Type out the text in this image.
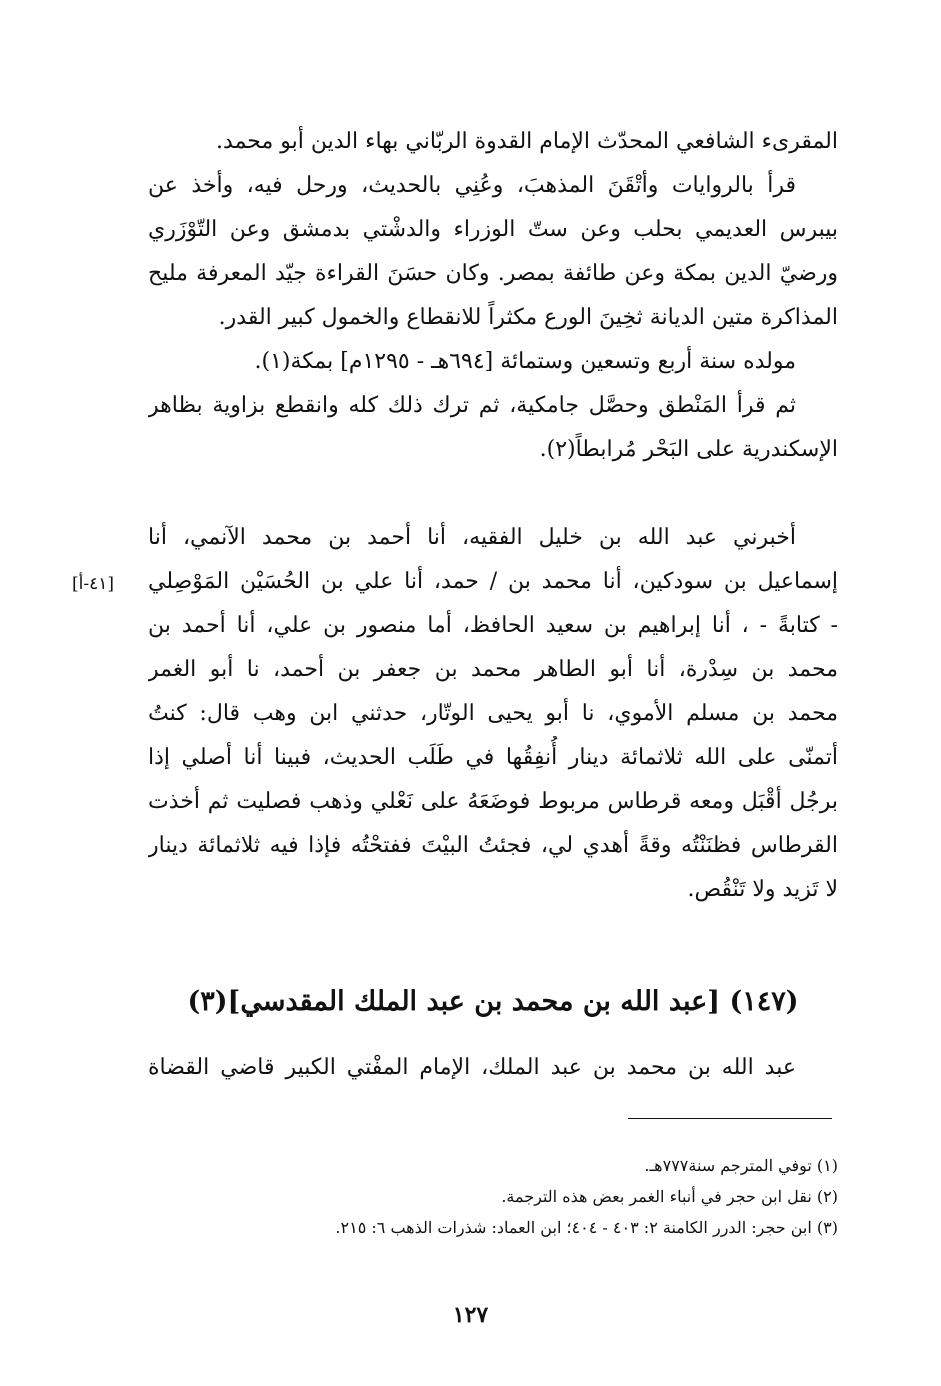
المقرىء الشافعي المحدّث الإمام القدوة الربّاني بهاء الدين أبو محمد.
قرأ بالروايات وأتْقَنَ المذهبَ، وعُنِي بالحديث، ورحل فيه، وأخذ عن
بيبرس العديمي بحلب وعن ستّ الوزراء والدشْتي بدمشق وعن التّوْزَري
ورضيّ الدين بمكة وعن طائفة بمصر. وكان حسَنَ القراءة جيّد المعرفة مليح
المذاكرة متين الديانة ثخِينَ الورع مكثراً للانقطاع والخمول كبير القدر.
مولده سنة أربع وتسعين وستمائة [٦٩٤هـ - ١٢٩٥م] بمكة(١).
ثم قرأ المَنْطق وحصَّل جامكية، ثم ترك ذلك كله وانقطع بزاوية بظاهر
الإسكندرية على البَحْر مُرابطاً(٢).
أخبرني عبد الله بن خليل الفقيه، أنا أحمد بن محمد الآنمي، أنا
إسماعيل بن سودكين، أنا محمد بن / حمد، أنا علي بن الحُسَيْن المَوْصِلي
- كتابةً - ، أنا إبراهيم بن سعيد الحافظ، أما منصور بن علي، أنا أحمد بن
محمد بن سِدْرة، أنا أبو الطاهر محمد بن جعفر بن أحمد، نا أبو الغمر
محمد بن مسلم الأموي، نا أبو يحيى الوتّار، حدثني ابن وهب قال: كنتُ
أتمنّى على الله ثلاثمائة دينار أُنفِقُها في طَلَب الحديث، فبينا أنا أصلي إذا
برجُل أقْبَل ومعه قرطاس مربوط فوضَعَهُ على نَعْلي وذهب فصليت ثم أخذت
القرطاس فظنَنْتُه وقةً أهدي لي، فجئتُ البيْتَ ففتحْتُه فإذا فيه ثلاثمائة دينار
لا تَزيد ولا تَنْقُص.
[٤١-أ]
(١٤٧) [عبد الله بن محمد بن عبد الملك المقدسي](٣)
عبد الله بن محمد بن عبد الملك، الإمام المفْتي الكبير قاضي القضاة
(١) توفي المترجم سنة٧٧٧هـ.
(٢) نقل ابن حجر في أنباء الغمر بعض هذه الترجمة.
(٣) ابن حجر: الدرر الكامنة ٢: ٤٠٣ - ٤٠٤؛ ابن العماد: شذرات الذهب ٦: ٢١٥.
١٢٧
